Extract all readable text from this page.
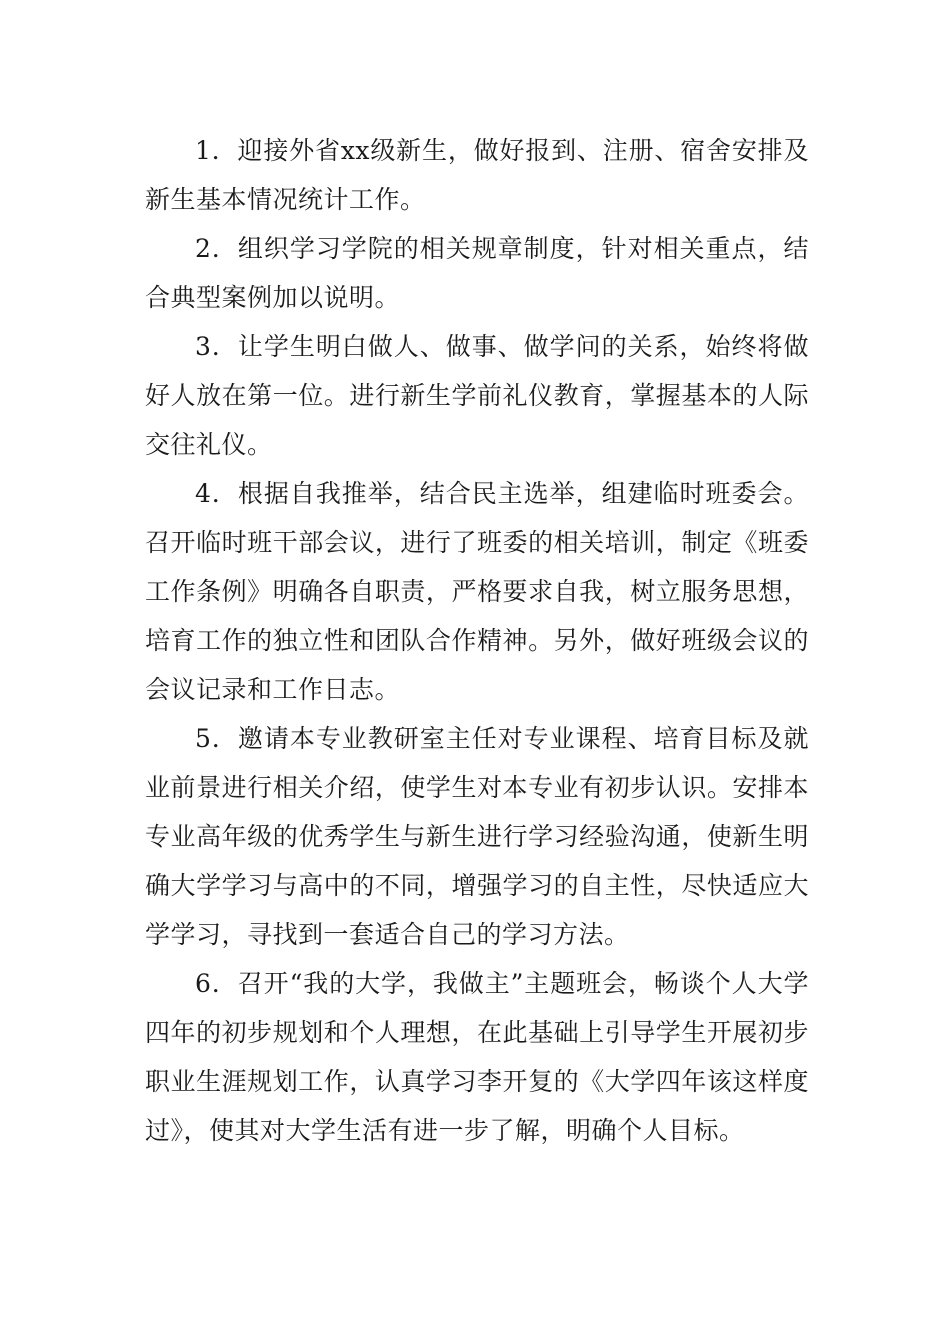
1．迎接外省xx级新生，做好报到、注册、宿舍安排及新生基本情况统计工作。

2．组织学习学院的相关规章制度，针对相关重点，结合典型案例加以说明。

3．让学生明白做人、做事、做学问的关系，始终将做好人放在第一位。进行新生学前礼仪教育，掌握基本的人际交往礼仪。

4．根据自我推举，结合民主选举，组建临时班委会。召开临时班干部会议，进行了班委的相关培训，制定《班委工作条例》明确各自职责，严格要求自我，树立服务思想，培育工作的独立性和团队合作精神。另外，做好班级会议的会议记录和工作日志。

5．邀请本专业教研室主任对专业课程、培育目标及就业前景进行相关介绍，使学生对本专业有初步认识。安排本专业高年级的优秀学生与新生进行学习经验沟通，使新生明确大学学习与高中的不同，增强学习的自主性，尽快适应大学学习，寻找到一套适合自己的学习方法。

6．召开“我的大学，我做主”主题班会，畅谈个人大学四年的初步规划和个人理想，在此基础上引导学生开展初步职业生涯规划工作，认真学习李开复的《大学四年该这样度过》，使其对大学生活有进一步了解，明确个人目标。
